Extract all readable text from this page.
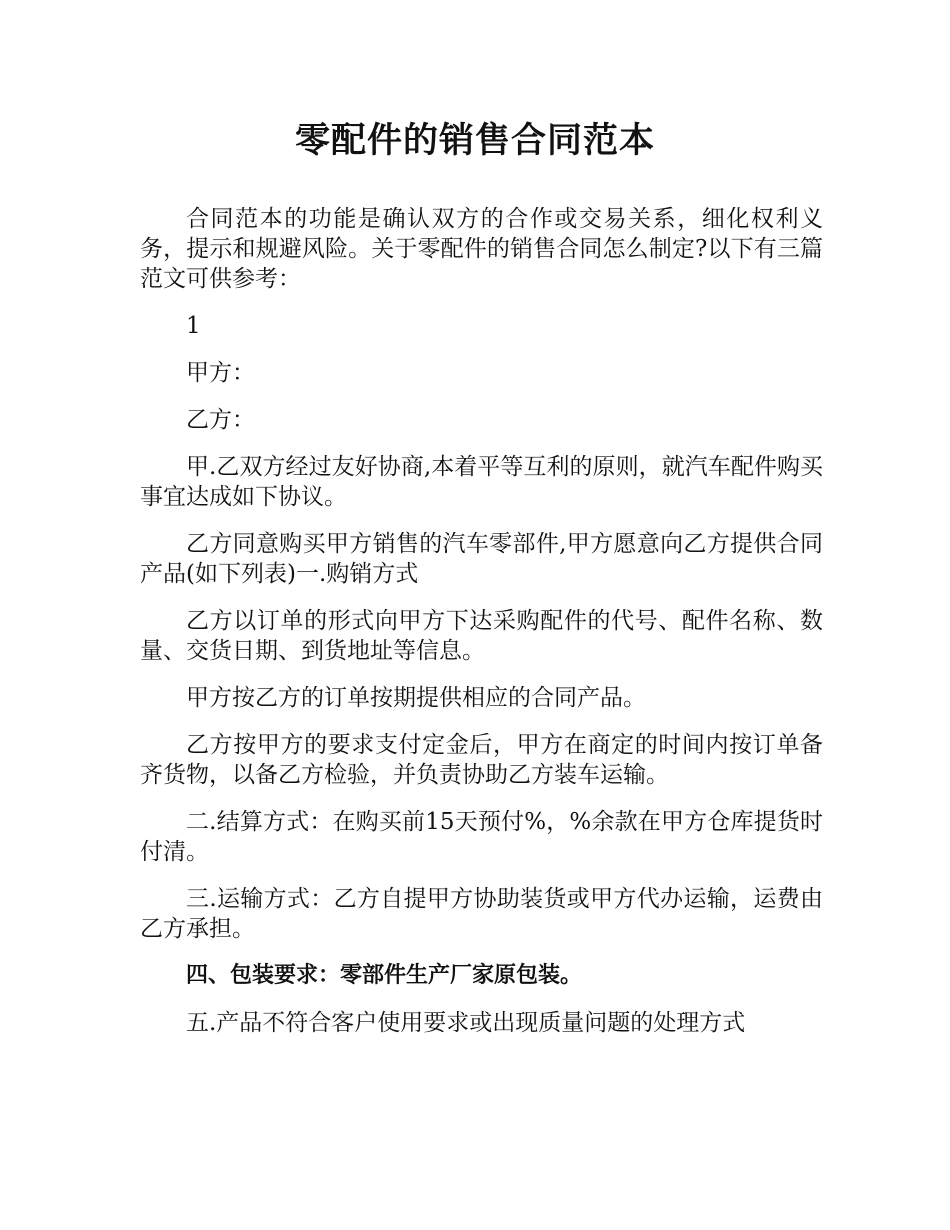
零配件的销售合同范本

合同范本的功能是确认双方的合作或交易关系，细化权利义务，提示和规避风险。关于零配件的销售合同怎么制定?以下有三篇范文可供参考：

1

甲方：

乙方：

甲.乙双方经过友好协商,本着平等互利的原则，就汽车配件购买事宜达成如下协议。

乙方同意购买甲方销售的汽车零部件,甲方愿意向乙方提供合同产品(如下列表)一.购销方式

乙方以订单的形式向甲方下达采购配件的代号、配件名称、数量、交货日期、到货地址等信息。

甲方按乙方的订单按期提供相应的合同产品。

乙方按甲方的要求支付定金后，甲方在商定的时间内按订单备齐货物，以备乙方检验，并负责协助乙方装车运输。

二.结算方式：在购买前15天预付%，%余款在甲方仓库提货时付清。

三.运输方式：乙方自提甲方协助装货或甲方代办运输，运费由乙方承担。

四、包装要求：零部件生产厂家原包装。

五.产品不符合客户使用要求或出现质量问题的处理方式
